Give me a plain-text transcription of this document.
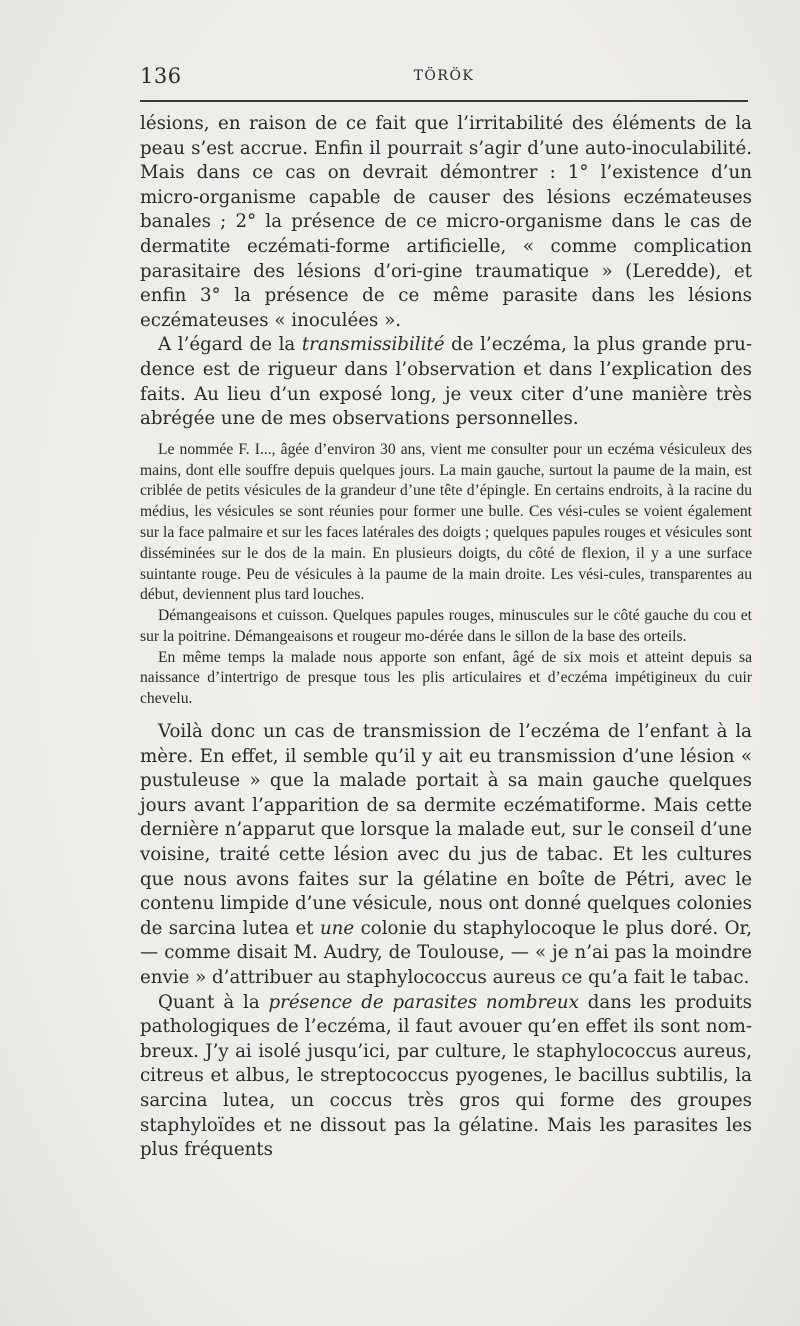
136	TÖRÖK

lésions, en raison de ce fait que l’irritabilité des éléments de la peau s’est accrue. Enfin il pourrait s’agir d’une auto-inoculabilité. Mais dans ce cas on devrait démontrer : 1° l’existence d’un micro-organisme capable de causer des lésions eczémateuses banales ; 2° la présence de ce micro-organisme dans le cas de dermatite eczémati-forme artificielle, « comme complication parasitaire des lésions d’ori-gine traumatique » (Leredde), et enfin 3° la présence de ce même parasite dans les lésions eczémateuses « inoculées ».

A l’égard de la transmissibilité de l’eczéma, la plus grande pru-dence est de rigueur dans l’observation et dans l’explication des faits. Au lieu d’un exposé long, je veux citer d’une manière très abrégée une de mes observations personnelles.

Le nommée F. I..., âgée d’environ 30 ans, vient me consulter pour un eczéma vésiculeux des mains, dont elle souffre depuis quelques jours. La main gauche, surtout la paume de la main, est criblée de petits vésicules de la grandeur d’une tête d’épingle. En certains endroits, à la racine du médius, les vésicules se sont réunies pour former une bulle. Ces vési-cules se voient également sur la face palmaire et sur les faces latérales des doigts ; quelques papules rouges et vésicules sont disséminées sur le dos de la main. En plusieurs doigts, du côté de flexion, il y a une surface suintante rouge. Peu de vésicules à la paume de la main droite. Les vési-cules, transparentes au début, deviennent plus tard louches.

Démangeaisons et cuisson. Quelques papules rouges, minuscules sur le côté gauche du cou et sur la poitrine. Démangeaisons et rougeur mo-dérée dans le sillon de la base des orteils.

En même temps la malade nous apporte son enfant, âgé de six mois et atteint depuis sa naissance d’intertrigo de presque tous les plis articulaires et d’eczéma impétigineux du cuir chevelu.

Voilà donc un cas de transmission de l’eczéma de l’enfant à la mère. En effet, il semble qu’il y ait eu transmission d’une lésion « pustuleuse » que la malade portait à sa main gauche quelques jours avant l’apparition de sa dermite eczématiforme. Mais cette dernière n’apparut que lorsque la malade eut, sur le conseil d’une voisine, traité cette lésion avec du jus de tabac. Et les cultures que nous avons faites sur la gélatine en boîte de Pétri, avec le contenu limpide d’une vésicule, nous ont donné quelques colonies de sarcina lutea et une colonie du staphylocoque le plus doré. Or, — comme disait M. Audry, de Toulouse, — « je n’ai pas la moindre envie » d’attribuer au staphylococcus aureus ce qu’a fait le tabac.

Quant à la présence de parasites nombreux dans les produits pathologiques de l’eczéma, il faut avouer qu’en effet ils sont nom-breux. J’y ai isolé jusqu’ici, par culture, le staphylococcus aureus, citreus et albus, le streptococcus pyogenes, le bacillus subtilis, la sarcina lutea, un coccus très gros qui forme des groupes staphyloïdes et ne dissout pas la gélatine. Mais les parasites les plus fréquents
